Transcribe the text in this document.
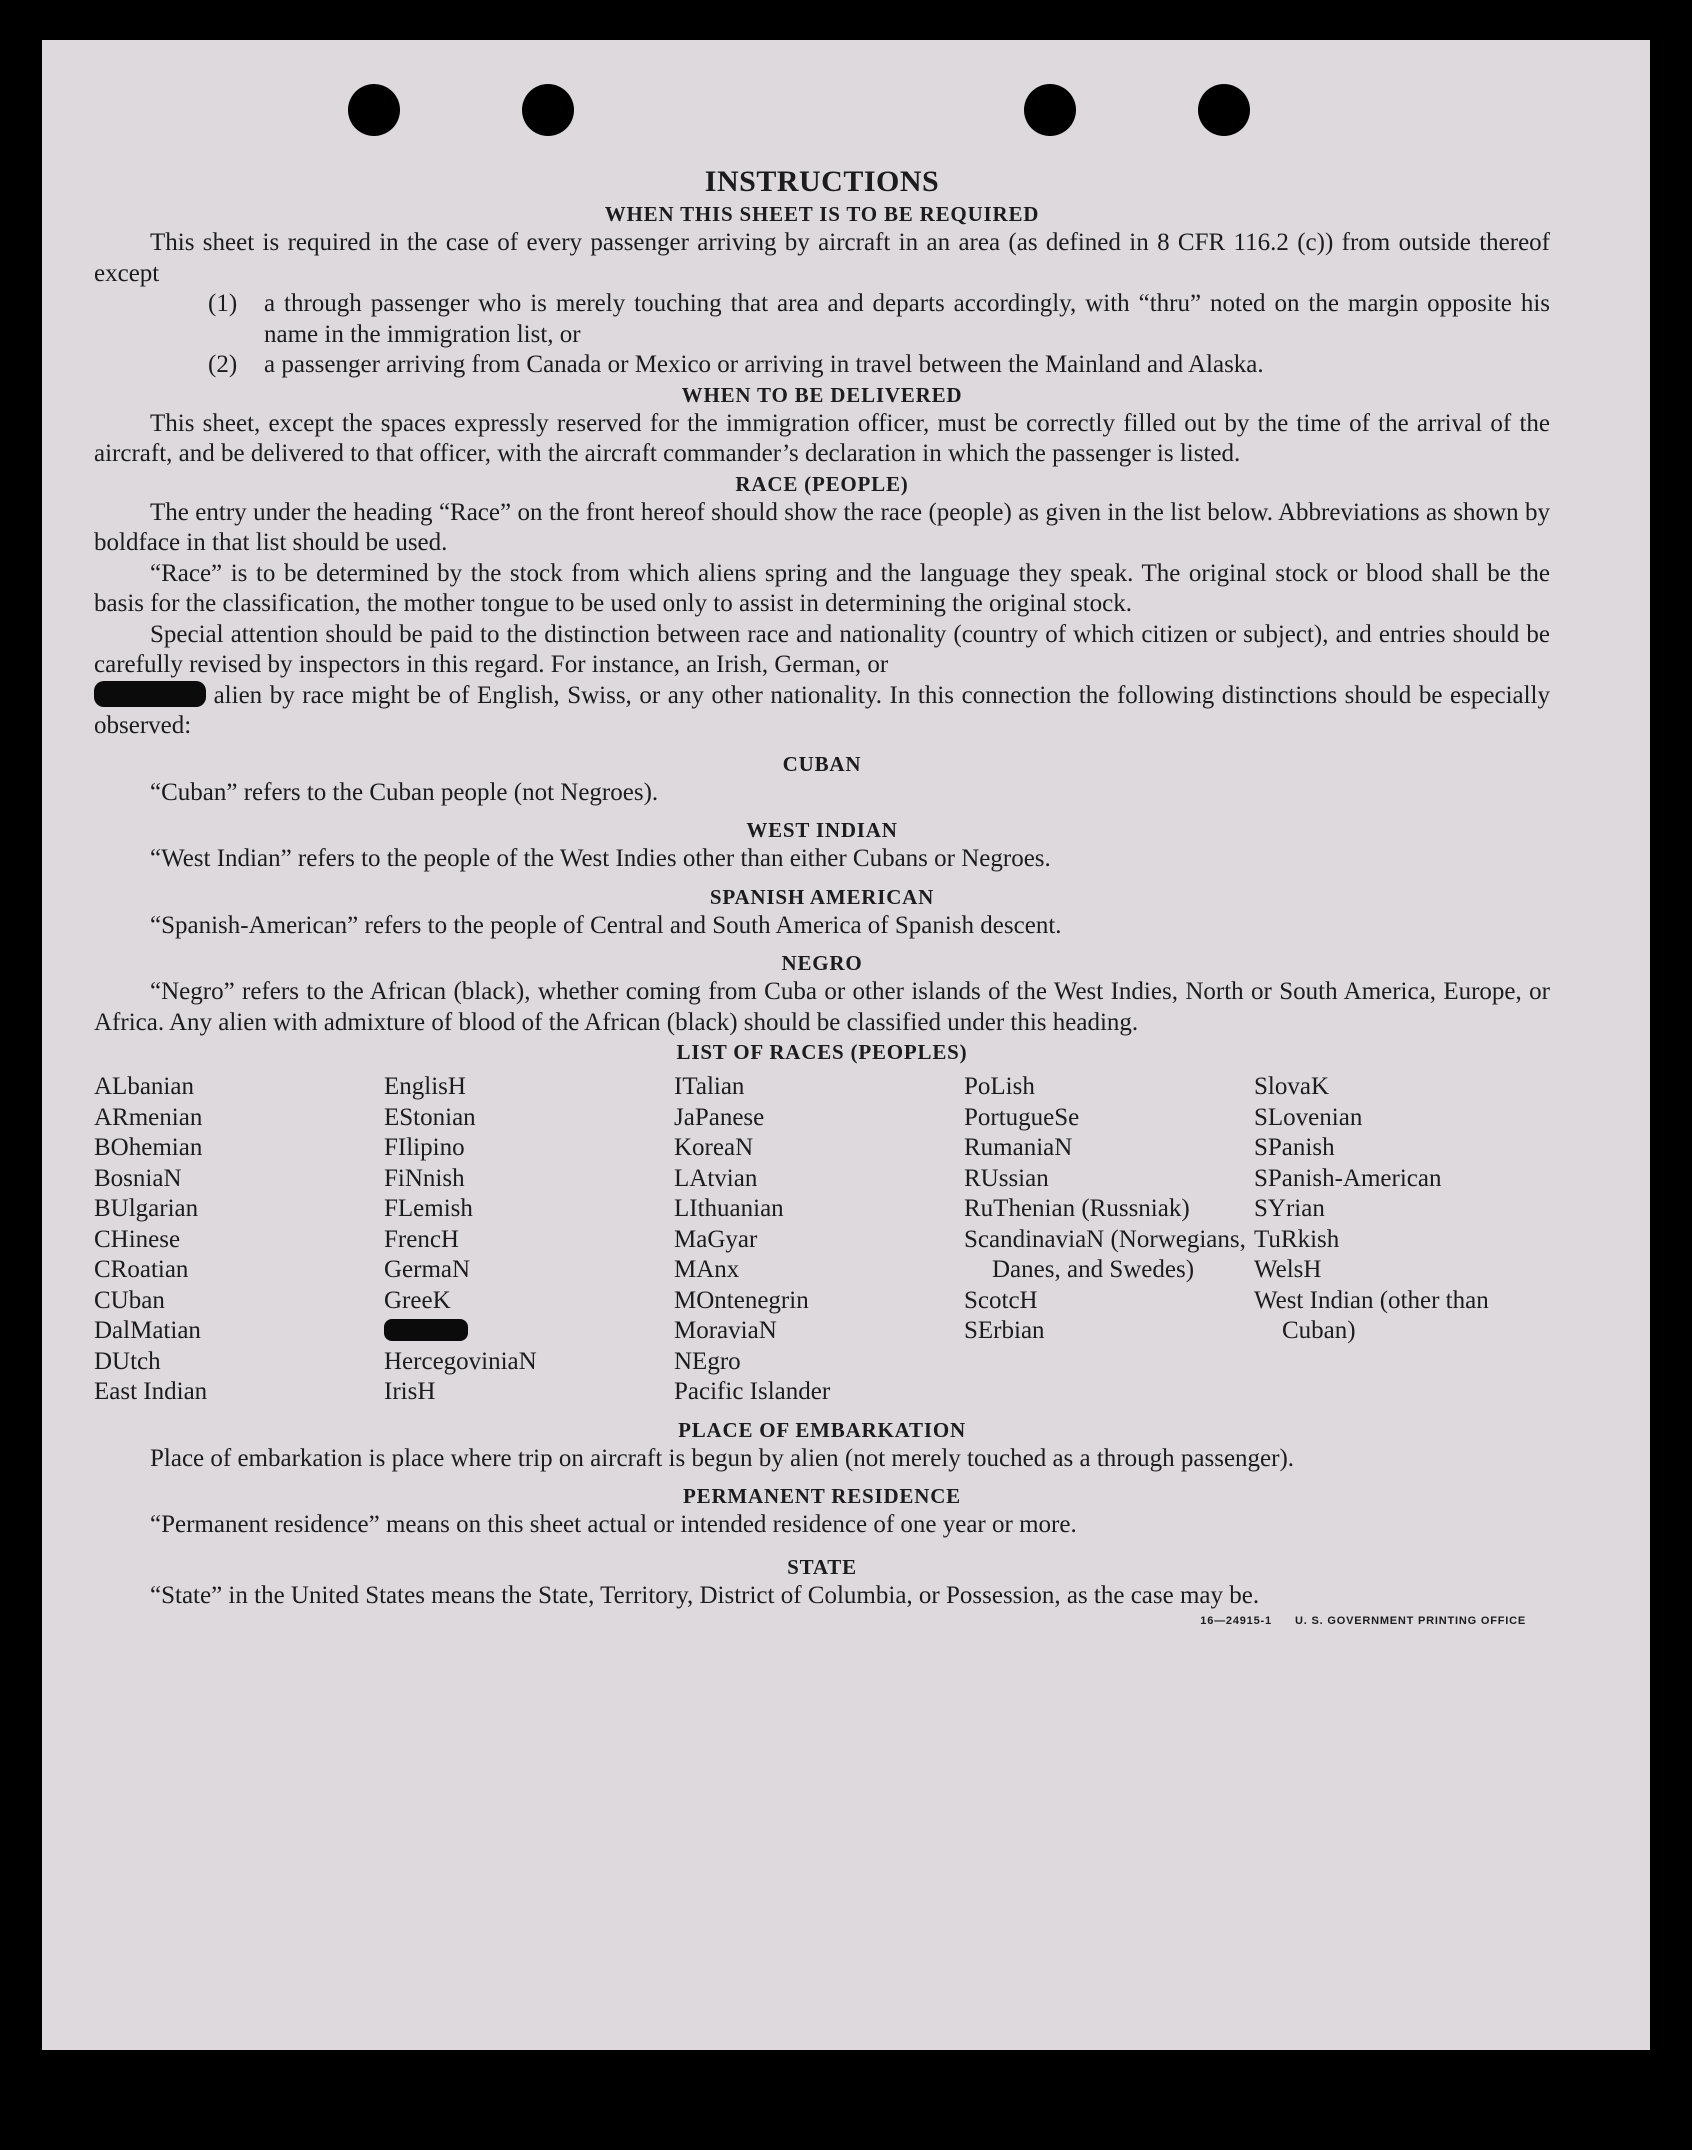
INSTRUCTIONS
WHEN THIS SHEET IS TO BE REQUIRED

This sheet is required in the case of every passenger arriving by aircraft in an area (as defined in 8 CFR 116.2 (c)) from outside thereof except

(1)	a through passenger who is merely touching that area and departs accordingly, with “thru” noted on the margin opposite his name in the immigration list, or
(2)	a passenger arriving from Canada or Mexico or arriving in travel between the Mainland and Alaska.
WHEN TO BE DELIVERED

This sheet, except the spaces expressly reserved for the immigration officer, must be correctly filled out by the time of the arrival of the aircraft, and be delivered to that officer, with the aircraft commander’s declaration in which the passenger is listed.

RACE (PEOPLE)

The entry under the heading “Race” on the front hereof should show the race (people) as given in the list below. Abbreviations as shown by boldface in that list should be used.

“Race” is to be determined by the stock from which aliens spring and the language they speak. The original stock or blood shall be the basis for the classification, the mother tongue to be used only to assist in determining the original stock.

Special attention should be paid to the distinction between race and nationality (country of which citizen or subject), and entries should be carefully revised by inspectors in this regard. For instance, an Irish, German, or

alien by race might be of English, Swiss, or any other nationality. In this connection the following distinctions should be especially observed:

CUBAN

“Cuban” refers to the Cuban people (not Negroes).

WEST INDIAN

“West Indian” refers to the people of the West Indies other than either Cubans or Negroes.

SPANISH AMERICAN

“Spanish-American” refers to the people of Central and South America of Spanish descent.

NEGRO

“Negro” refers to the African (black), whether coming from Cuba or other islands of the West Indies, North or South America, Europe, or Africa. Any alien with admixture of blood of the African (black) should be classified under this heading.

LIST OF RACES (PEOPLES)
ALbanian
ARmenian
BOhemian
BosniaN
BUlgarian
CHinese
CRoatian
CUban
DalMatian
DUtch
East Indian
EnglisH
EStonian
FIlipino
FiNnish
FLemish
FrencH
GermaN
GreeK
HercegoviniaN
IrisH
ITalian
JaPanese
KoreaN
LAtvian
LIthuanian
MaGyar
MAnx
MOntenegrin
MoraviaN
NEgro
Pacific Islander
PoLish
PortugueSe
RumaniaN
RUssian
RuThenian (Russniak)
ScandinaviaN (Norwegians, Danes, and Swedes)
ScotcH
SErbian
SlovaK
SLovenian
SPanish
SPanish-American
SYrian
TuRkish
WelsH
West Indian (other than Cuban)
PLACE OF EMBARKATION

Place of embarkation is place where trip on aircraft is begun by alien (not merely touched as a through passenger).

PERMANENT RESIDENCE

“Permanent residence” means on this sheet actual or intended residence of one year or more.

STATE

“State” in the United States means the State, Territory, District of Columbia, or Possession, as the case may be.

16—24915-1 U. S. GOVERNMENT PRINTING OFFICE
